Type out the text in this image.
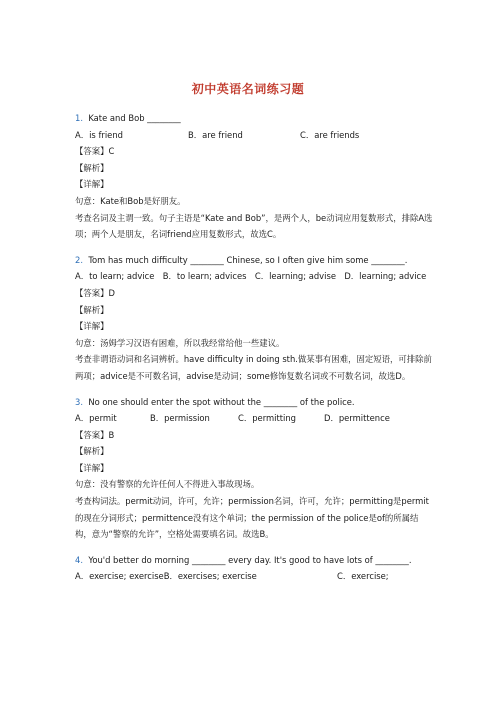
初中英语名词练习题
1. Kate and Bob ________
A．is friend	B．are friend	C．are friends
【答案】C
【解析】
【详解】
句意：Kate和Bob是好朋友。
考查名词及主谓一致。句子主语是“Kate and Bob”，是两个人，be动词应用复数形式，排除A选项；两个人是朋友，名词friend应用复数形式，故选C。
2. Tom has much difficulty ________ Chinese, so I often give him some ________.
A．to learn; advice　B．to learn; advices　C．learning; advise　D．learning; advice
【答案】D
【解析】
【详解】
句意：汤姆学习汉语有困难，所以我经常给他一些建议。
考查非谓语动词和名词辨析。have difficulty in doing sth.做某事有困难，固定短语，可排除前两项；advice是不可数名词，advise是动词；some修饰复数名词或不可数名词，故选D。
3. No one should enter the spot without the ________ of the police.
A．permit	B．permission	C．permitting	D．permittence
【答案】B
【解析】
【详解】
句意：没有警察的允许任何人不得进入事故现场。
考查构词法。permit动词，许可，允许；permission名词，许可，允许；permitting是permit的现在分词形式；permittence没有这个单词；the permission of the police是of的所属结构，意为“警察的允许”，空格处需要填名词。故选B。
4. You'd better do morning ________ every day. It's good to have lots of ________.
A．exercise; exerciseB．exercises; exercise	C．exercise;
